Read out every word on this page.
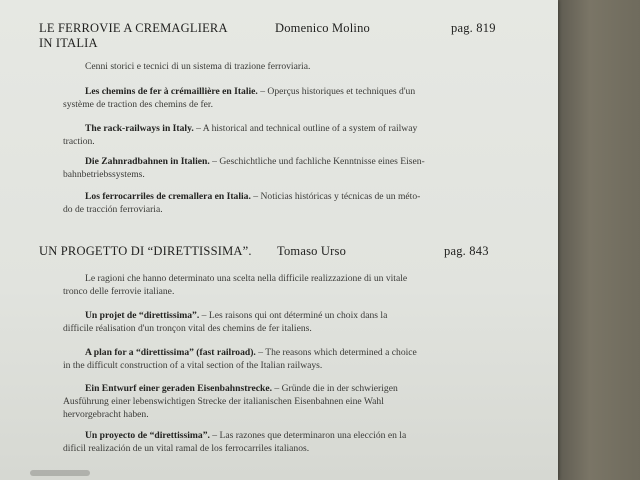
LE FERROVIE A CREMAGLIERA
IN ITALIA
Domenico Molino	pag. 819
Cenni storici e tecnici di un sistema di trazione ferroviaria.
Les chemins de fer à crémaillière en Italie. – Operçus historiques et techniques d'un
système de traction des chemins de fer.
The rack-railways in Italy. – A historical and technical outline of a system of railway
traction.
Die Zahnradbahnen in Italien. – Geschichtliche und fachliche Kenntnisse eines Eisen-
bahnbetriebssystems.
Los ferrocarriles de cremallera en Italia. – Noticias históricas y técnicas de un méto-
do de tracción ferroviaria.
UN PROGETTO DI “DIRETTISSIMA”. Tomaso Urso	pag. 843
Le ragioni che hanno determinato una scelta nella difficile realizzazione di un vitale
tronco delle ferrovie italiane.
Un projet de “direttissima”. – Les raisons qui ont déterminé un choix dans la
difficile réalisation d'un tronçon vital des chemins de fer italiens.
A plan for a “direttissima” (fast railroad). – The reasons which determined a choice
in the difficult construction of a vital section of the Italian railways.
Ein Entwurf einer geraden Eisenbahnstrecke. – Gründe die in der schwierigen
Ausführung einer lebenswichtigen Strecke der italianischen Eisenbahnen eine Wahl
hervorgebracht haben.
Un proyecto de “direttissima”. – Las razones que determinaron una elección en la
dificil realización de un vital ramal de los ferrocarriles italianos.
